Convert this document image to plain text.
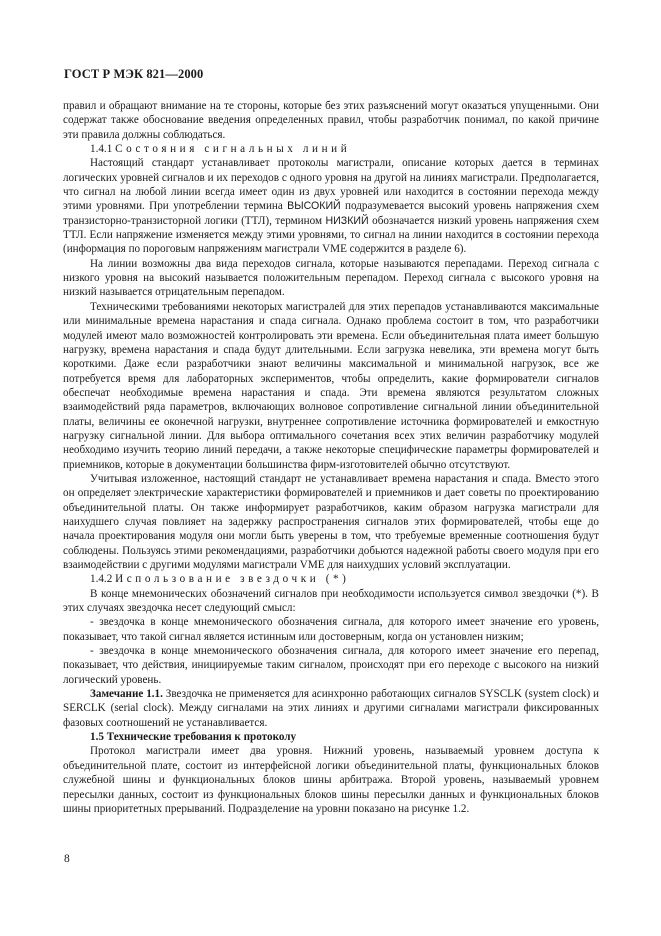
ГОСТ Р МЭК 821—2000

правил и обращают внимание на те стороны, которые без этих разъяснений могут оказаться упущенными. Они содержат также обоснование введения определенных правил, чтобы разработчик понимал, по какой причине эти правила должны соблюдаться.

1.4.1 Состояния сигнальных линий

Настоящий стандарт устанавливает протоколы магистрали, описание которых дается в терминах логических уровней сигналов и их переходов с одного уровня на другой на линиях магистрали. Предполагается, что сигнал на любой линии всегда имеет один из двух уровней или находится в состоянии перехода между этими уровнями. При употреблении термина ВЫСОКИЙ подразумевается высокий уровень напряжения схем транзисторно-транзисторной логики (ТТЛ), термином НИЗКИЙ обозначается низкий уровень напряжения схем ТТЛ. Если напряжение изменяется между этими уровнями, то сигнал на линии находится в состоянии перехода (информация по пороговым напряжениям магистрали VME содержится в разделе 6).

На линии возможны два вида переходов сигнала, которые называются перепадами. Переход сигнала с низкого уровня на высокий называется положительным перепадом. Переход сигнала с высокого уровня на низкий называется отрицательным перепадом.

Техническими требованиями некоторых магистралей для этих перепадов устанавливаются максимальные или минимальные времена нарастания и спада сигнала. Однако проблема состоит в том, что разработчики модулей имеют мало возможностей контролировать эти времена. Если объединительная плата имеет большую нагрузку, времена нарастания и спада будут длительными. Если загрузка невелика, эти времена могут быть короткими. Даже если разработчики знают величины максимальной и минимальной нагрузок, все же потребуется время для лабораторных экспериментов, чтобы определить, какие формирователи сигналов обеспечат необходимые времена нарастания и спада. Эти времена являются результатом сложных взаимодействий ряда параметров, включающих волновое сопротивление сигнальной линии объединительной платы, величины ее оконечной нагрузки, внутреннее сопротивление источника формирователей и емкостную нагрузку сигнальной линии. Для выбора оптимального сочетания всех этих величин разработчику модулей необходимо изучить теорию линий передачи, а также некоторые специфические параметры формирователей и приемников, которые в документации большинства фирм-изготовителей обычно отсутствуют.

Учитывая изложенное, настоящий стандарт не устанавливает времена нарастания и спада. Вместо этого он определяет электрические характеристики формирователей и приемников и дает советы по проектированию объединительной платы. Он также информирует разработчиков, каким образом нагрузка магистрали для наихудшего случая повлияет на задержку распространения сигналов этих формирователей, чтобы еще до начала проектирования модуля они могли быть уверены в том, что требуемые временные соотношения будут соблюдены. Пользуясь этими рекомендациями, разработчики добьются надежной работы своего модуля при его взаимодействии с другими модулями магистрали VME для наихудших условий эксплуатации.

1.4.2 Использование звездочки (*)

В конце мнемонических обозначений сигналов при необходимости используется символ звездочки (*). В этих случаях звездочка несет следующий смысл:

- звездочка в конце мнемонического обозначения сигнала, для которого имеет значение его уровень, показывает, что такой сигнал является истинным или достоверным, когда он установлен низким;

- звездочка в конце мнемонического обозначения сигнала, для которого имеет значение его перепад, показывает, что действия, инициируемые таким сигналом, происходят при его переходе с высокого на низкий логический уровень.

Замечание 1.1. Звездочка не применяется для асинхронно работающих сигналов SYSCLK (system clock) и SERCLK (serial clock). Между сигналами на этих линиях и другими сигналами магистрали фиксированных фазовых соотношений не устанавливается.

1.5 Технические требования к протоколу

Протокол магистрали имеет два уровня. Нижний уровень, называемый уровнем доступа к объединительной плате, состоит из интерфейсной логики объединительной платы, функциональных блоков служебной шины и функциональных блоков шины арбитража. Второй уровень, называемый уровнем пересылки данных, состоит из функциональных блоков шины пересылки данных и функциональных блоков шины приоритетных прерываний. Подразделение на уровни показано на рисунке 1.2.

8
